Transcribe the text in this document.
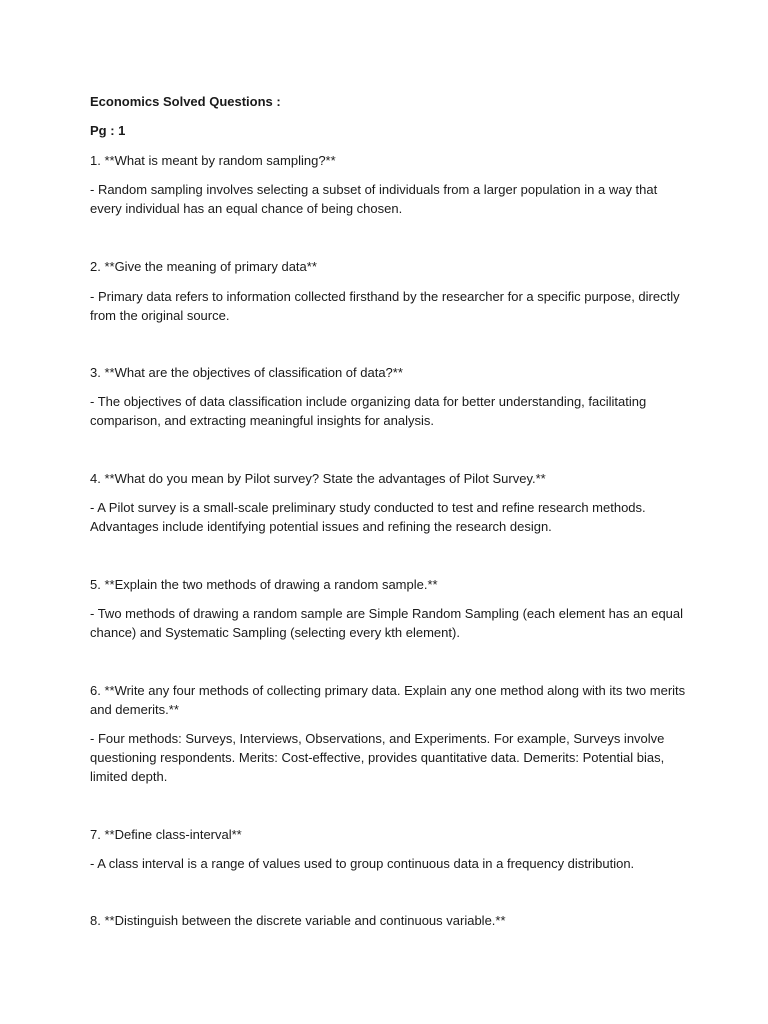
Economics Solved Questions :
Pg : 1
1. **What is meant by random sampling?**
- Random sampling involves selecting a subset of individuals from a larger population in a way that every individual has an equal chance of being chosen.
2. **Give the meaning of primary data**
- Primary data refers to information collected firsthand by the researcher for a specific purpose, directly from the original source.
3. **What are the objectives of classification of data?**
- The objectives of data classification include organizing data for better understanding, facilitating comparison, and extracting meaningful insights for analysis.
4. **What do you mean by Pilot survey? State the advantages of Pilot Survey.**
- A Pilot survey is a small-scale preliminary study conducted to test and refine research methods. Advantages include identifying potential issues and refining the research design.
5. **Explain the two methods of drawing a random sample.**
- Two methods of drawing a random sample are Simple Random Sampling (each element has an equal chance) and Systematic Sampling (selecting every kth element).
6. **Write any four methods of collecting primary data. Explain any one method along with its two merits and demerits.**
- Four methods: Surveys, Interviews, Observations, and Experiments. For example, Surveys involve questioning respondents. Merits: Cost-effective, provides quantitative data. Demerits: Potential bias, limited depth.
7. **Define class-interval**
- A class interval is a range of values used to group continuous data in a frequency distribution.
8. **Distinguish between the discrete variable and continuous variable.**
